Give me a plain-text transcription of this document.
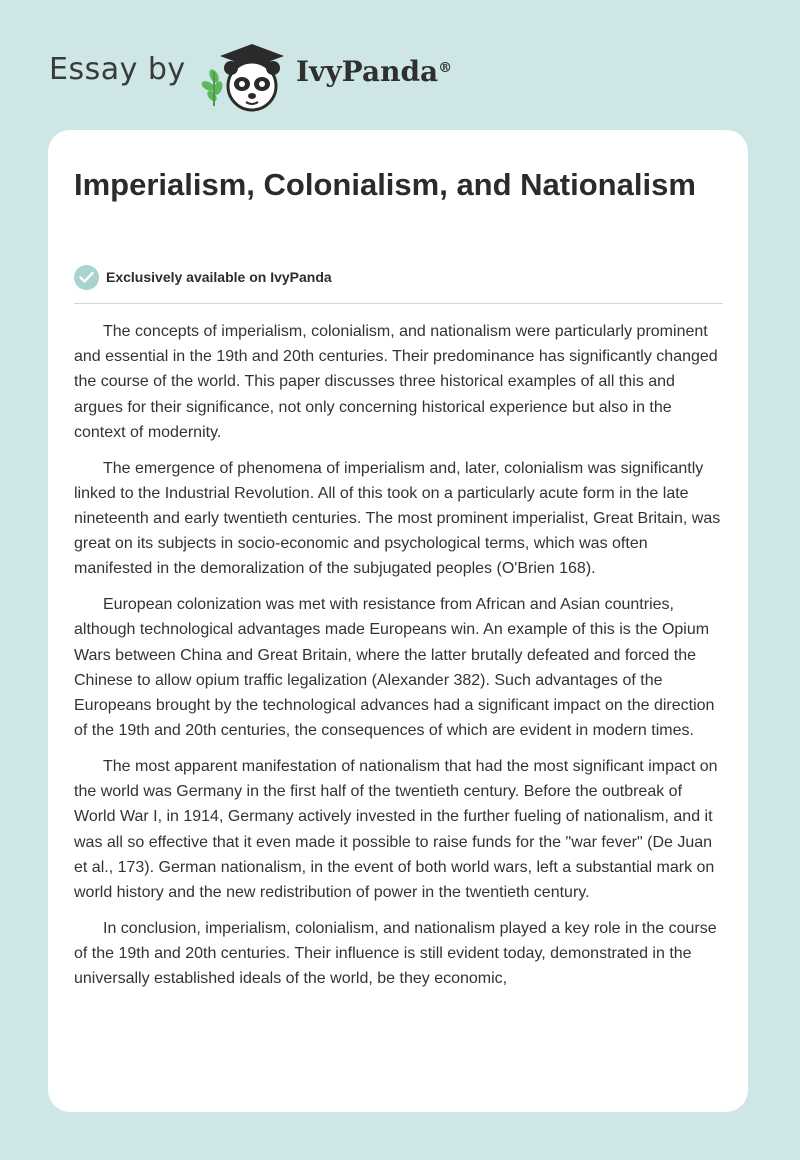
Essay by	IvyPanda®
Imperialism, Colonialism, and Nationalism
Exclusively available on IvyPanda

The concepts of imperialism, colonialism, and nationalism were particularly prominent and essential in the 19th and 20th centuries. Their predominance has significantly changed the course of the world. This paper discusses three historical examples of all this and argues for their significance, not only concerning historical experience but also in the context of modernity.

The emergence of phenomena of imperialism and, later, colonialism was significantly linked to the Industrial Revolution. All of this took on a particularly acute form in the late nineteenth and early twentieth centuries. The most prominent imperialist, Great Britain, was great on its subjects in socio-economic and psychological terms, which was often manifested in the demoralization of the subjugated peoples (O'Brien 168).

European colonization was met with resistance from African and Asian countries, although technological advantages made Europeans win. An example of this is the Opium Wars between China and Great Britain, where the latter brutally defeated and forced the Chinese to allow opium traffic legalization (Alexander 382). Such advantages of the Europeans brought by the technological advances had a significant impact on the direction of the 19th and 20th centuries, the consequences of which are evident in modern times.

The most apparent manifestation of nationalism that had the most significant impact on the world was Germany in the first half of the twentieth century. Before the outbreak of World War I, in 1914, Germany actively invested in the further fueling of nationalism, and it was all so effective that it even made it possible to raise funds for the "war fever" (De Juan et al., 173). German nationalism, in the event of both world wars, left a substantial mark on world history and the new redistribution of power in the twentieth century.

In conclusion, imperialism, colonialism, and nationalism played a key role in the course of the 19th and 20th centuries. Their influence is still evident today, demonstrated in the universally established ideals of the world, be they economic,
